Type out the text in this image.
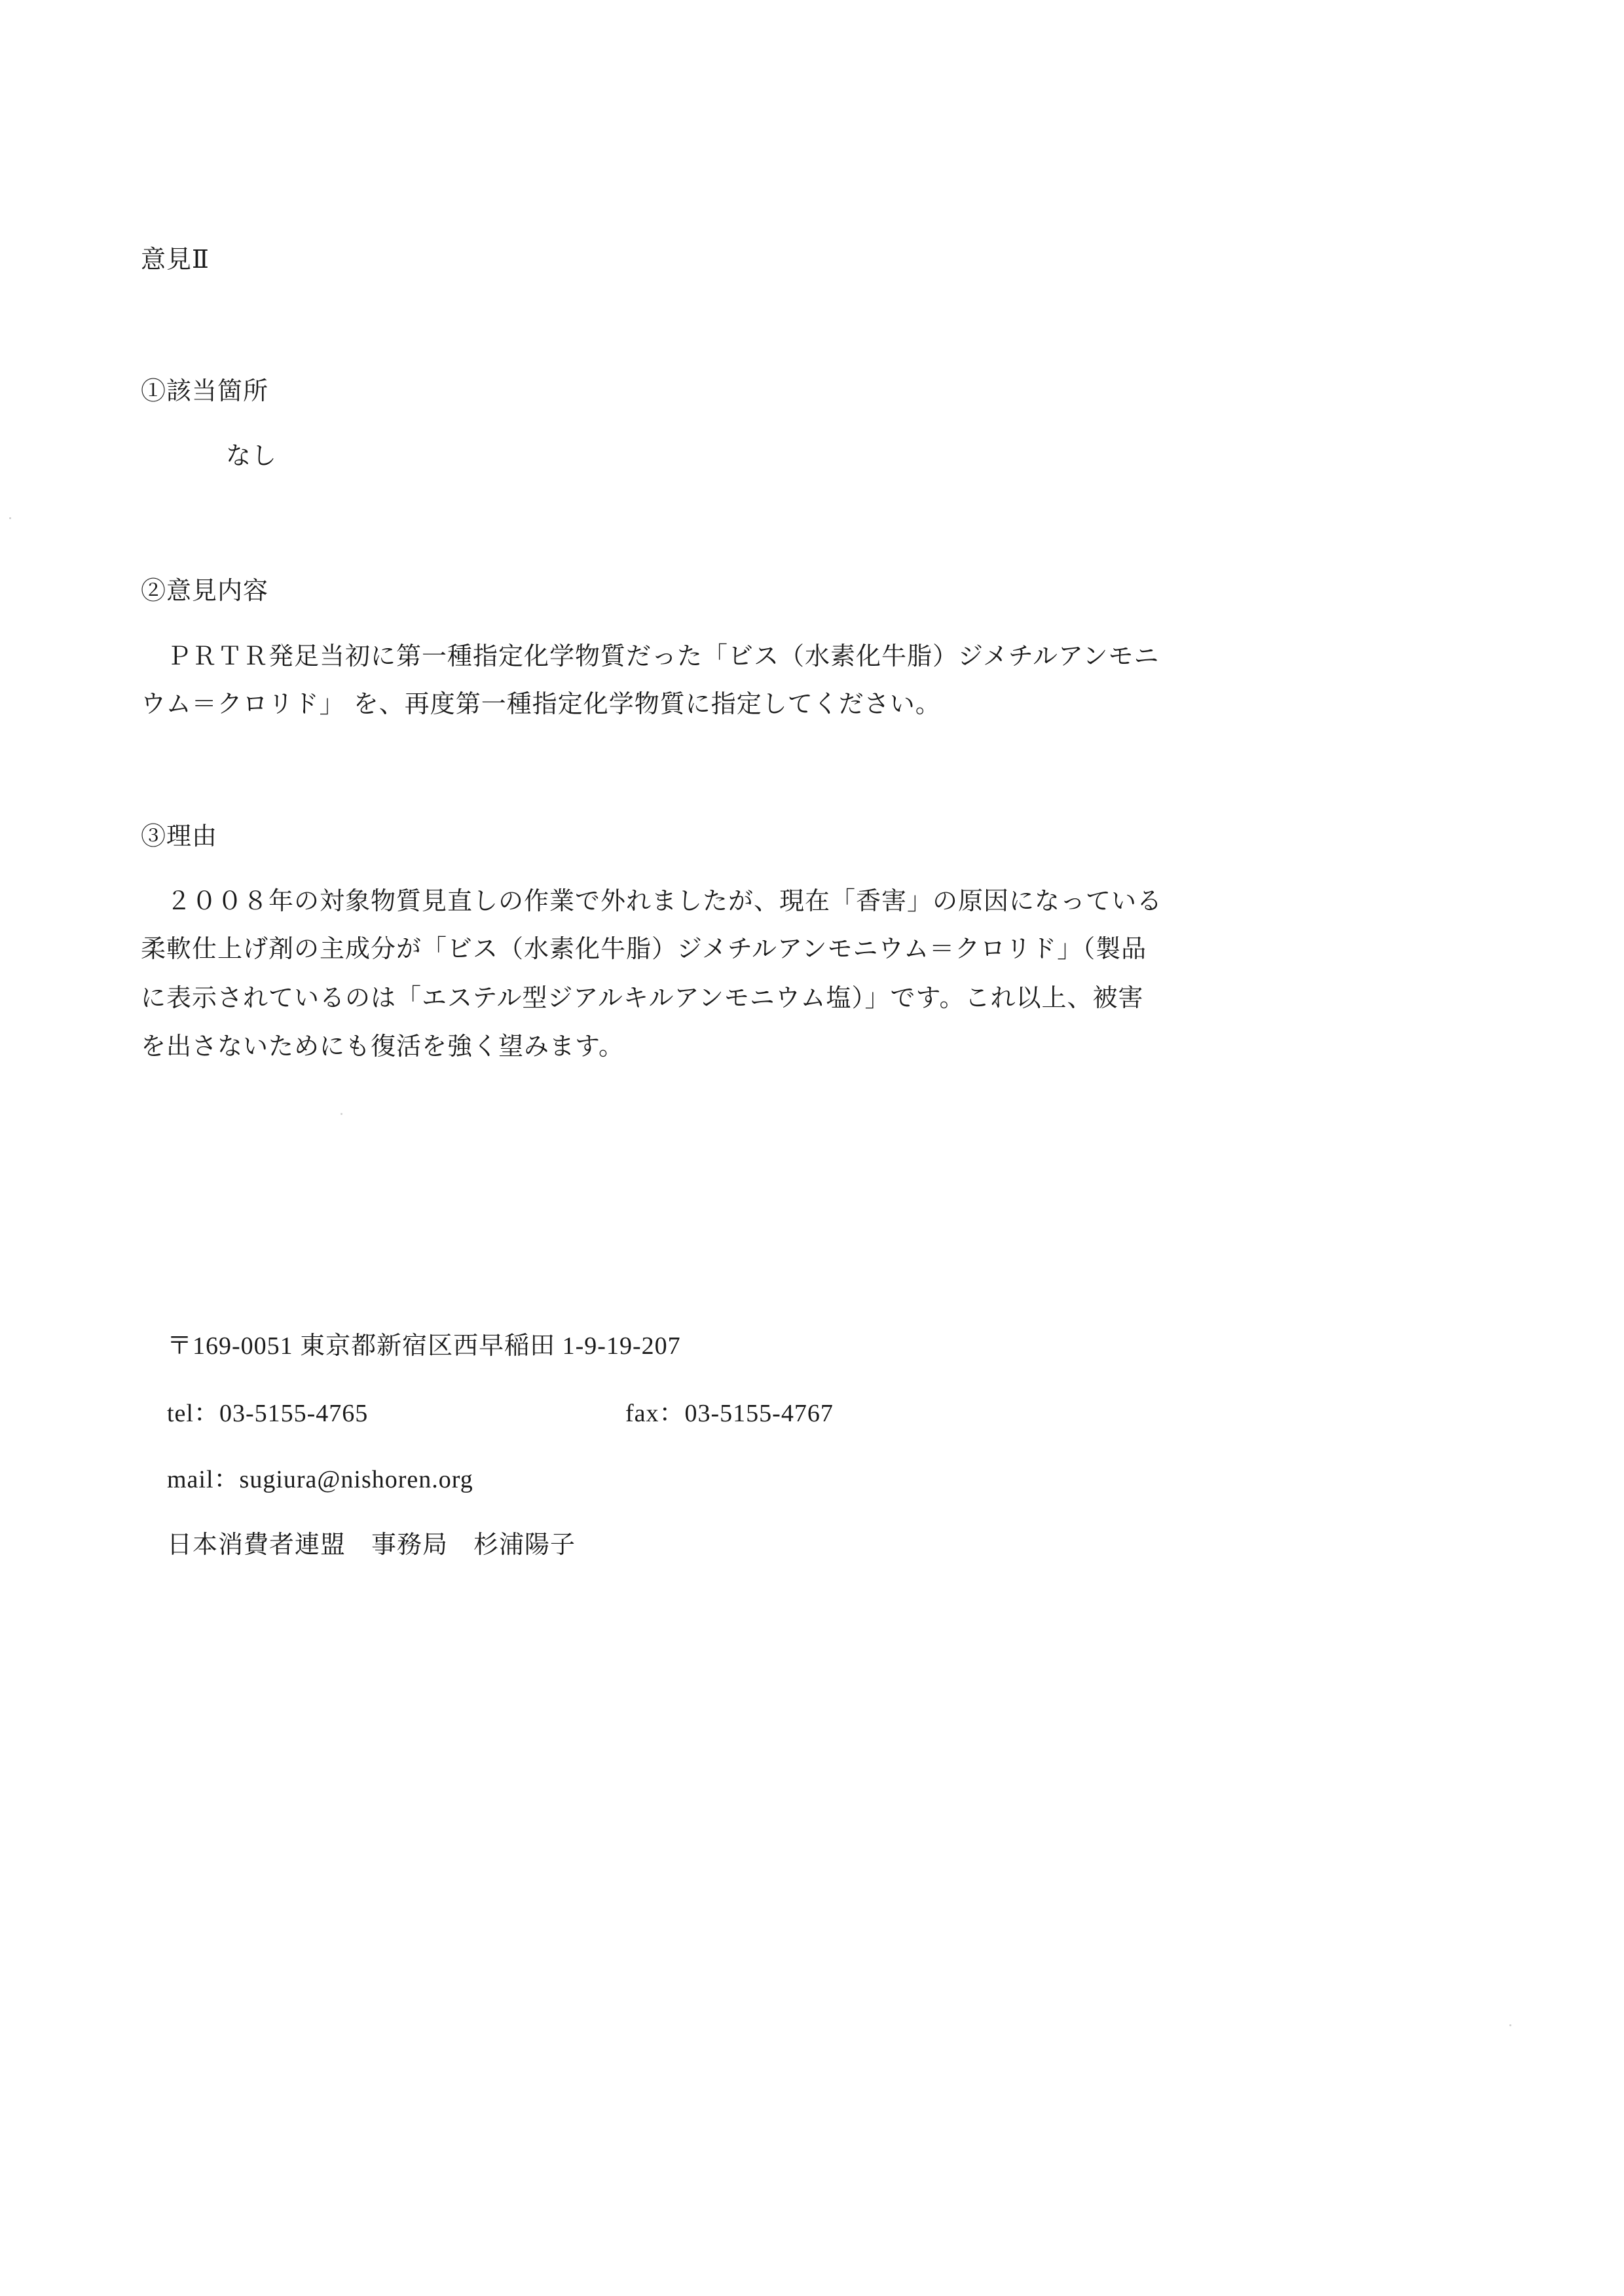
意見Ⅱ
①該当箇所
なし
②意見内容
　ＰＲＴＲ発足当初に第一種指定化学物質だった「ビス（水素化牛脂）ジメチルアンモニ
ウム＝クロリド」 を、再度第一種指定化学物質に指定してください。
③理由
　２００８年の対象物質見直しの作業で外れましたが、現在「香害」の原因になっている
柔軟仕上げ剤の主成分が「ビス（水素化牛脂）ジメチルアンモニウム＝クロリド」（製品
に表示されているのは「エステル型ジアルキルアンモニウム塩）」です。これ以上、被害
を出さないためにも復活を強く望みます。
〒169-0051 東京都新宿区西早稲田 1-9-19-207
tel：03-5155-4765	fax：03-5155-4767
mail：sugiura@nishoren.org
日本消費者連盟　事務局　杉浦陽子
